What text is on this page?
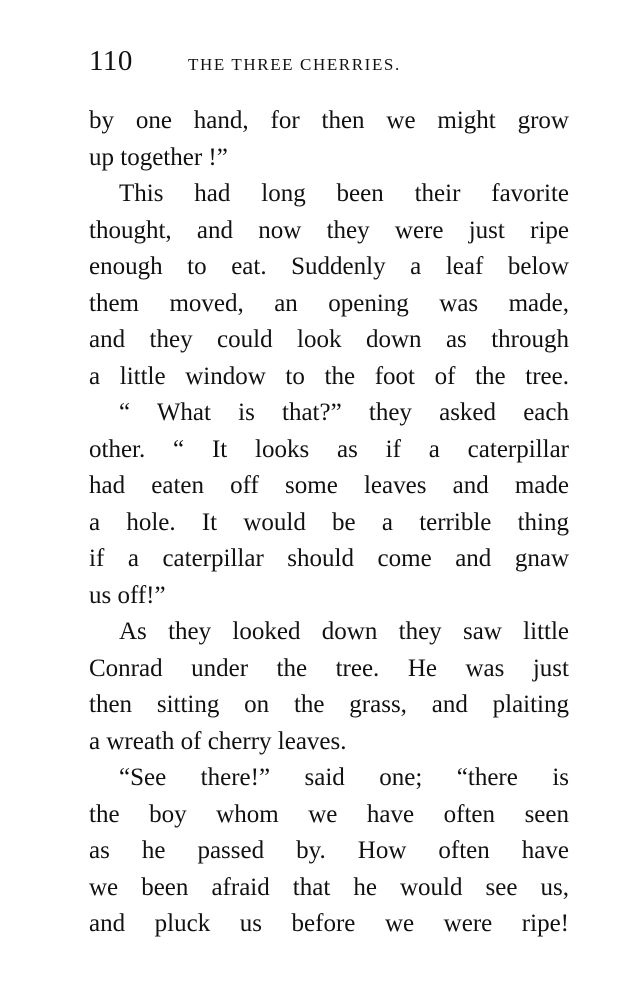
110	THE THREE CHERRIES.
by one hand, for then we might grow
up together !”
This had long been their favorite
thought, and now they were just ripe
enough to eat. Suddenly a leaf below
them moved, an opening was made,
and they could look down as through
a little window to the foot of the tree.
“ What is that?” they asked each
other. “ It looks as if a caterpillar
had eaten off some leaves and made
a hole. It would be a terrible thing
if a caterpillar should come and gnaw
us off!”
As they looked down they saw little
Conrad under the tree. He was just
then sitting on the grass, and plaiting
a wreath of cherry leaves.
“See there!” said one; “there is
the boy whom we have often seen
as he passed by. How often have
we been afraid that he would see us,
and pluck us before we were ripe!
